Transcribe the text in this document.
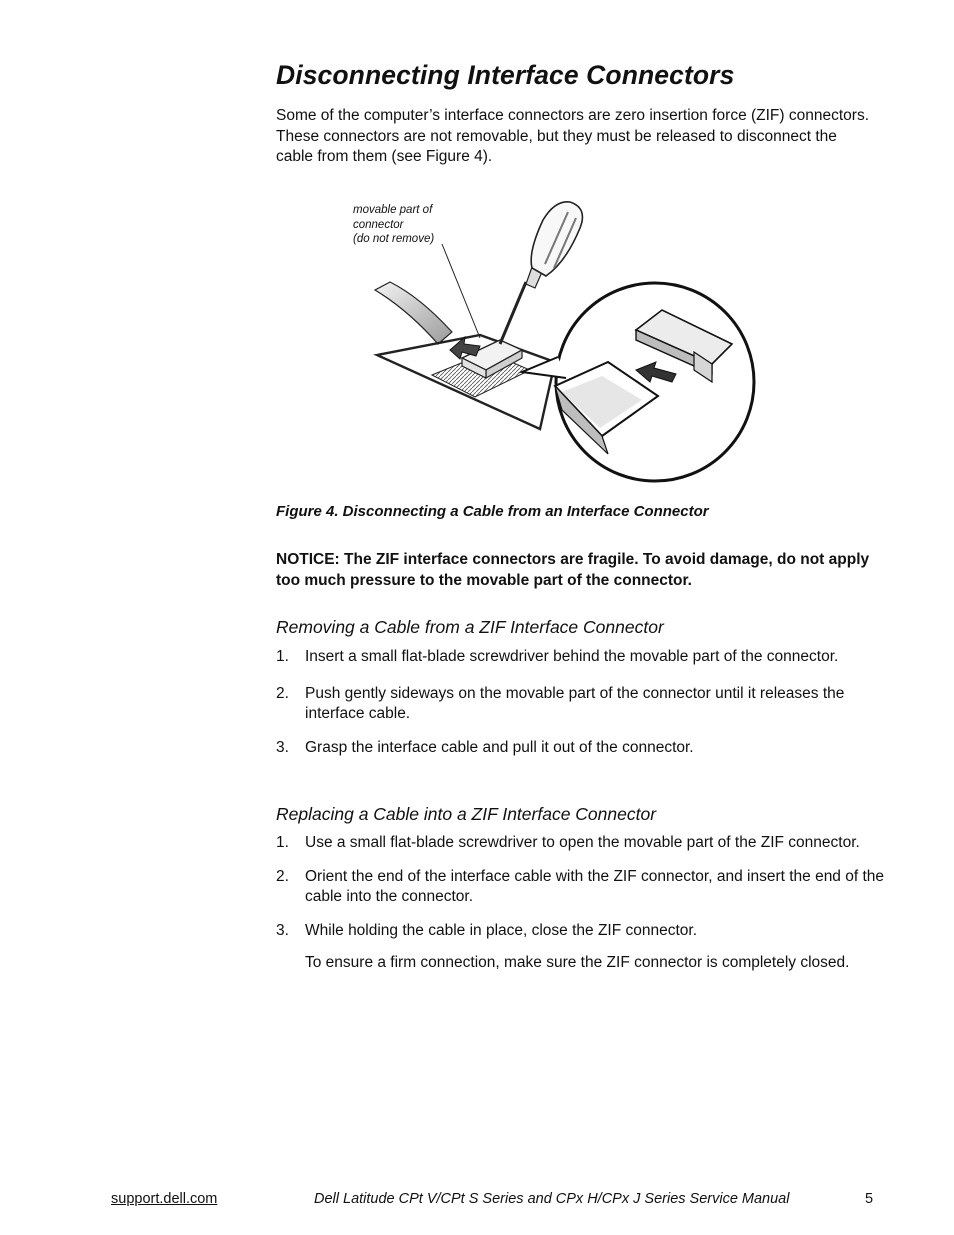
Disconnecting Interface Connectors

Some of the computer’s interface connectors are zero insertion force (ZIF) connectors. These connectors are not removable, but they must be released to disconnect the cable from them (see Figure 4).

movable part of
connector
(do not remove)

Figure 4. Disconnecting a Cable from an Interface Connector

NOTICE: The ZIF interface connectors are fragile. To avoid damage, do not apply too much pressure to the movable part of the connector.

Removing a Cable from a ZIF Interface Connector
1. Insert a small flat-blade screwdriver behind the movable part of the connector.
2. Push gently sideways on the movable part of the connector until it releases the interface cable.
3. Grasp the interface cable and pull it out of the connector.
Replacing a Cable into a ZIF Interface Connector
1. Use a small flat-blade screwdriver to open the movable part of the ZIF connector.
2. Orient the end of the interface cable with the ZIF connector, and insert the end of the cable into the connector.
3. While holding the cable in place, close the ZIF connector.
To ensure a firm connection, make sure the ZIF connector is completely closed.
support.dell.com	Dell Latitude CPt V/CPt S Series and CPx H/CPx J Series Service Manual	5
